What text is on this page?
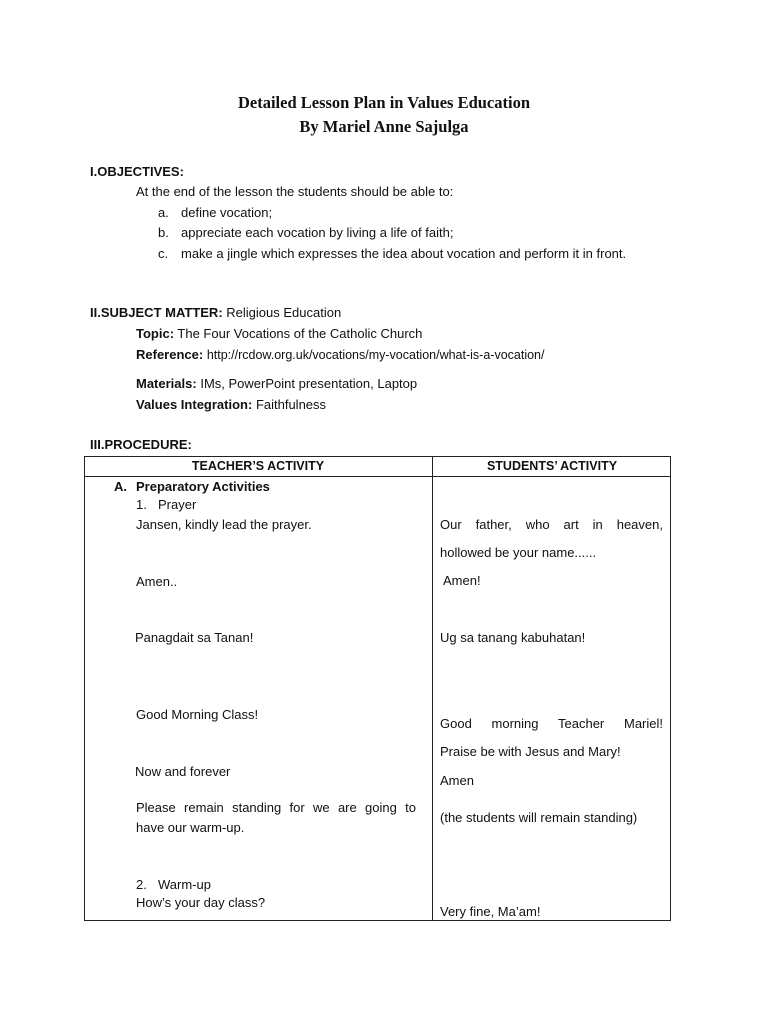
Detailed Lesson Plan in Values Education
By Mariel Anne Sajulga
I.OBJECTIVES:
At the end of the lesson the students should be able to:
a. define vocation;
b. appreciate each vocation by living a life of faith;
c. make a jingle which expresses the idea about vocation and perform it in front.
II.SUBJECT MATTER: Religious Education
Topic: The Four Vocations of the Catholic Church
Reference: http://rcdow.org.uk/vocations/my-vocation/what-is-a-vocation/
Materials: IMs, PowerPoint presentation, Laptop
Values Integration: Faithfulness
III.PROCEDURE:
TEACHER’S ACTIVITY	STUDENTS’ ACTIVITY
A. Preparatory Activities
1. Prayer
Jansen, kindly lead the prayer.
Amen..
Panagdait sa Tanan!
Good Morning Class!
Now and forever
Please remain standing for we are going to
have our warm-up.
2. Warm-up
How’s your day class?
Our father, who art in heaven,
hollowed be your name......
Amen!
Ug sa tanang kabuhatan!
Good morning Teacher Mariel!
Praise be with Jesus and Mary!
Amen
(the students will remain standing)
Very fine, Ma’am!
